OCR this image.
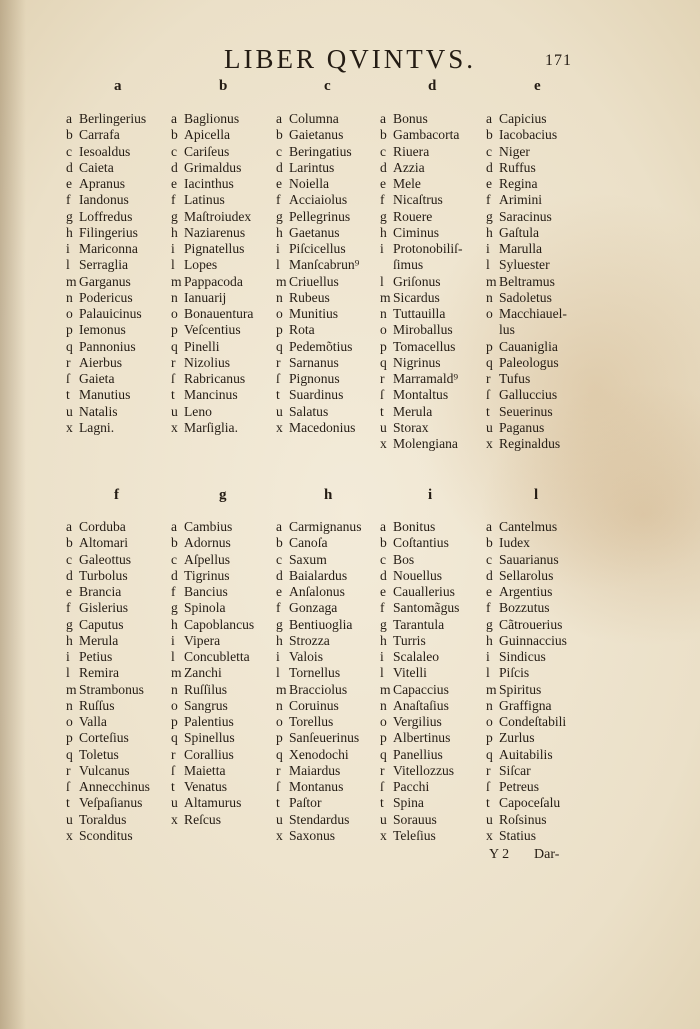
LIBER QVINTVS.	171
a
a Berlingerius
b Carrafa
c Iesoaldus
d Caieta
e Apranus
f Iandonus
g Loffredus
h Filingerius
i Mariconna
l Serraglia
m Garganus
n Podericus
o Palauicinus
p Iemonus
q Pannonius
r Aierbus
ſ Gaieta
t Manutius
u Natalis
x Lagni.
b
a Baglionus
b Apicella
c Cariſeus
d Grimaldus
e Iacinthus
f Latinus
g Maſtroiudex
h Nazіarenus
i Pignatellus
l Lopes
m Pappacoda
n Ianuarij
o Bonauentura
p Veſcentius
q Pinelli
r Nizolius
ſ Rabricanus
t Mancinus
u Leno
x Marſiglia.
c
a Columna
b Gaietanus
c Beringatius
d Larintus
e Noiella
f Acciaiolus
g Pellegrinus
h Gaetanus
i Piſcicellus
l Manſcabrun⁹
m Criuellus
n Rubeus
o Munitius
p Rota
q Pedemõtius
r Sarnanus
ſ Pignonus
t Suardinus
u Salatus
x Macedonius
d
a Bonus
b Gambacorta
c Riuera
d Azzia
e Mele
f Nicaſtrus
g Rouere
h Ciminus
i Protonobiliſ-
ſimus
l Griſonus
m Sicardus
n Tuttauilla
o Miroballus
p Tomacellus
q Nigrinus
r Marramald⁹
ſ Montaltus
t Merula
u Storax
x Molengiana
e
a Capicius
b Iacobacius
c Niger
d Ruffus
e Regina
f Arimini
g Saracinus
h Gaſtula
i Marulla
l Syluester
m Beltramus
n Sadoletus
o Macchiauel-
lus
p Cauaniglia
q Paleologus
r Tufus
ſ Galluccius
t Seuerinus
u Paganus
x Reginaldus
f
a Corduba
b Altomari
c Galeottus
d Turbolus
e Brancia
f Gislerius
g Caputus
h Merula
i Petius
l Remira
m Strambonus
n Ruſſus
o Valla
p Corteſius
q Toletus
r Vulcanus
ſ Annecchinus
t Veſpaſianus
u Toraldus
x Sconditus
g
a Cambius
b Adornus
c Aſpellus
d Tigrinus
f Bancius
g Spinola
h Capoblancus
i Vipera
l Concubletta
m Zanchi
n Ruſſilus
o Sangrus
p Palentius
q Spinellus
r Corallius
ſ Maietta
t Venatus
u Altamurus
x Reſcus
h
a Carmignanus
b Canoſa
c Saxum
d Baialardus
e Anſalonus
f Gonzaga
g Bentiuoglia
h Strozza
i Valois
l Tornellus
m Bracciolus
n Coruinus
o Torellus
p Sanſeuerinus
q Xenodochi
r Maiardus
ſ Montanus
t Paſtor
u Stendardus
x Saxonus
i
a Bonitus
b Coſtantius
c Bos
d Nouellus
e Cauallerius
f Santomãgus
g Tarantula
h Turris
i Scalaleo
l Vitelli
m Capaccius
n Anaſtaſius
o Vergilius
p Albertinus
q Panellius
r Vitellozzus
ſ Pacchi
t Spina
u Sorauus
x Teleſius
l
a Cantelmus
b Iudex
c Sauarianus
d Sellarolus
e Argentius
f Bozzutus
g Cãtrouerius
h Guinnaccius
i Sindicus
l Piſcis
m Spiritus
n Graffigna
o Condeſtabili
p Zurlus
q Auitabilis
r Siſcar
ſ Petreus
t Capoceſalu
u Roſsinus
x Statius
Y 2 Dar-
